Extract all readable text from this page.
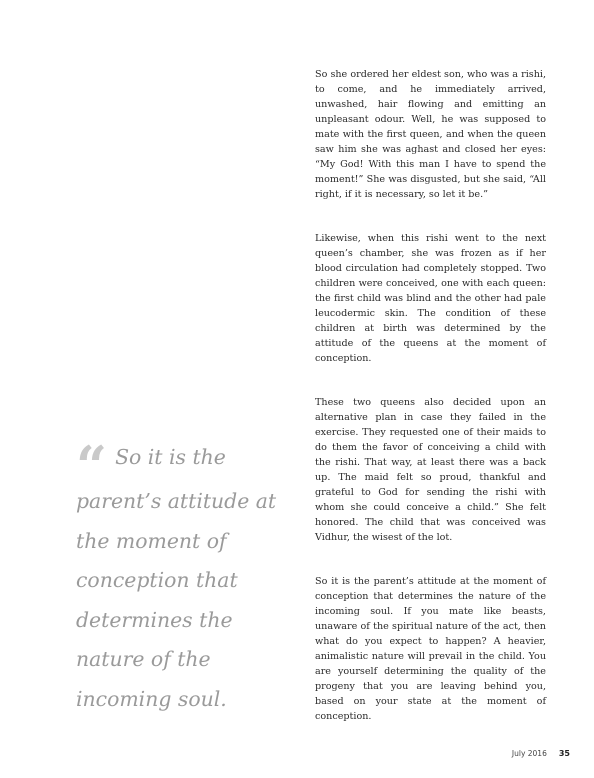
So she ordered her eldest son, who was a rishi, to come, and he immediately arrived, unwashed, hair flowing and emitting an unpleasant odour. Well, he was supposed to mate with the first queen, and when the queen saw him she was aghast and closed her eyes: “My God! With this man I have to spend the moment!” She was disgusted, but she said, “All right, if it is necessary, so let it be.”

Likewise, when this rishi went to the next queen’s chamber, she was frozen as if her blood circulation had completely stopped. Two children were conceived, one with each queen: the first child was blind and the other had pale leucodermic skin. The condition of these children at birth was determined by the attitude of the queens at the moment of conception.

These two queens also decided upon an alternative plan in case they failed in the exercise. They requested one of their maids to do them the favor of conceiving a child with the rishi. That way, at least there was a back up. The maid felt so proud, thankful and grateful to God for sending the rishi with whom she could conceive a child.” She felt honored. The child that was conceived was Vidhur, the wisest of the lot.

So it is the parent’s attitude at the moment of conception that determines the nature of the incoming soul. If you mate like beasts, unaware of the spiritual nature of the act, then what do you expect to happen? A heavier, animalistic nature will prevail in the child. You are yourself determining the quality of the progeny that you are leaving behind you, based on your state at the moment of conception.

“ So it is the parent’s attitude at the moment of conception that determines the nature of the incoming soul.
July 2016 35
